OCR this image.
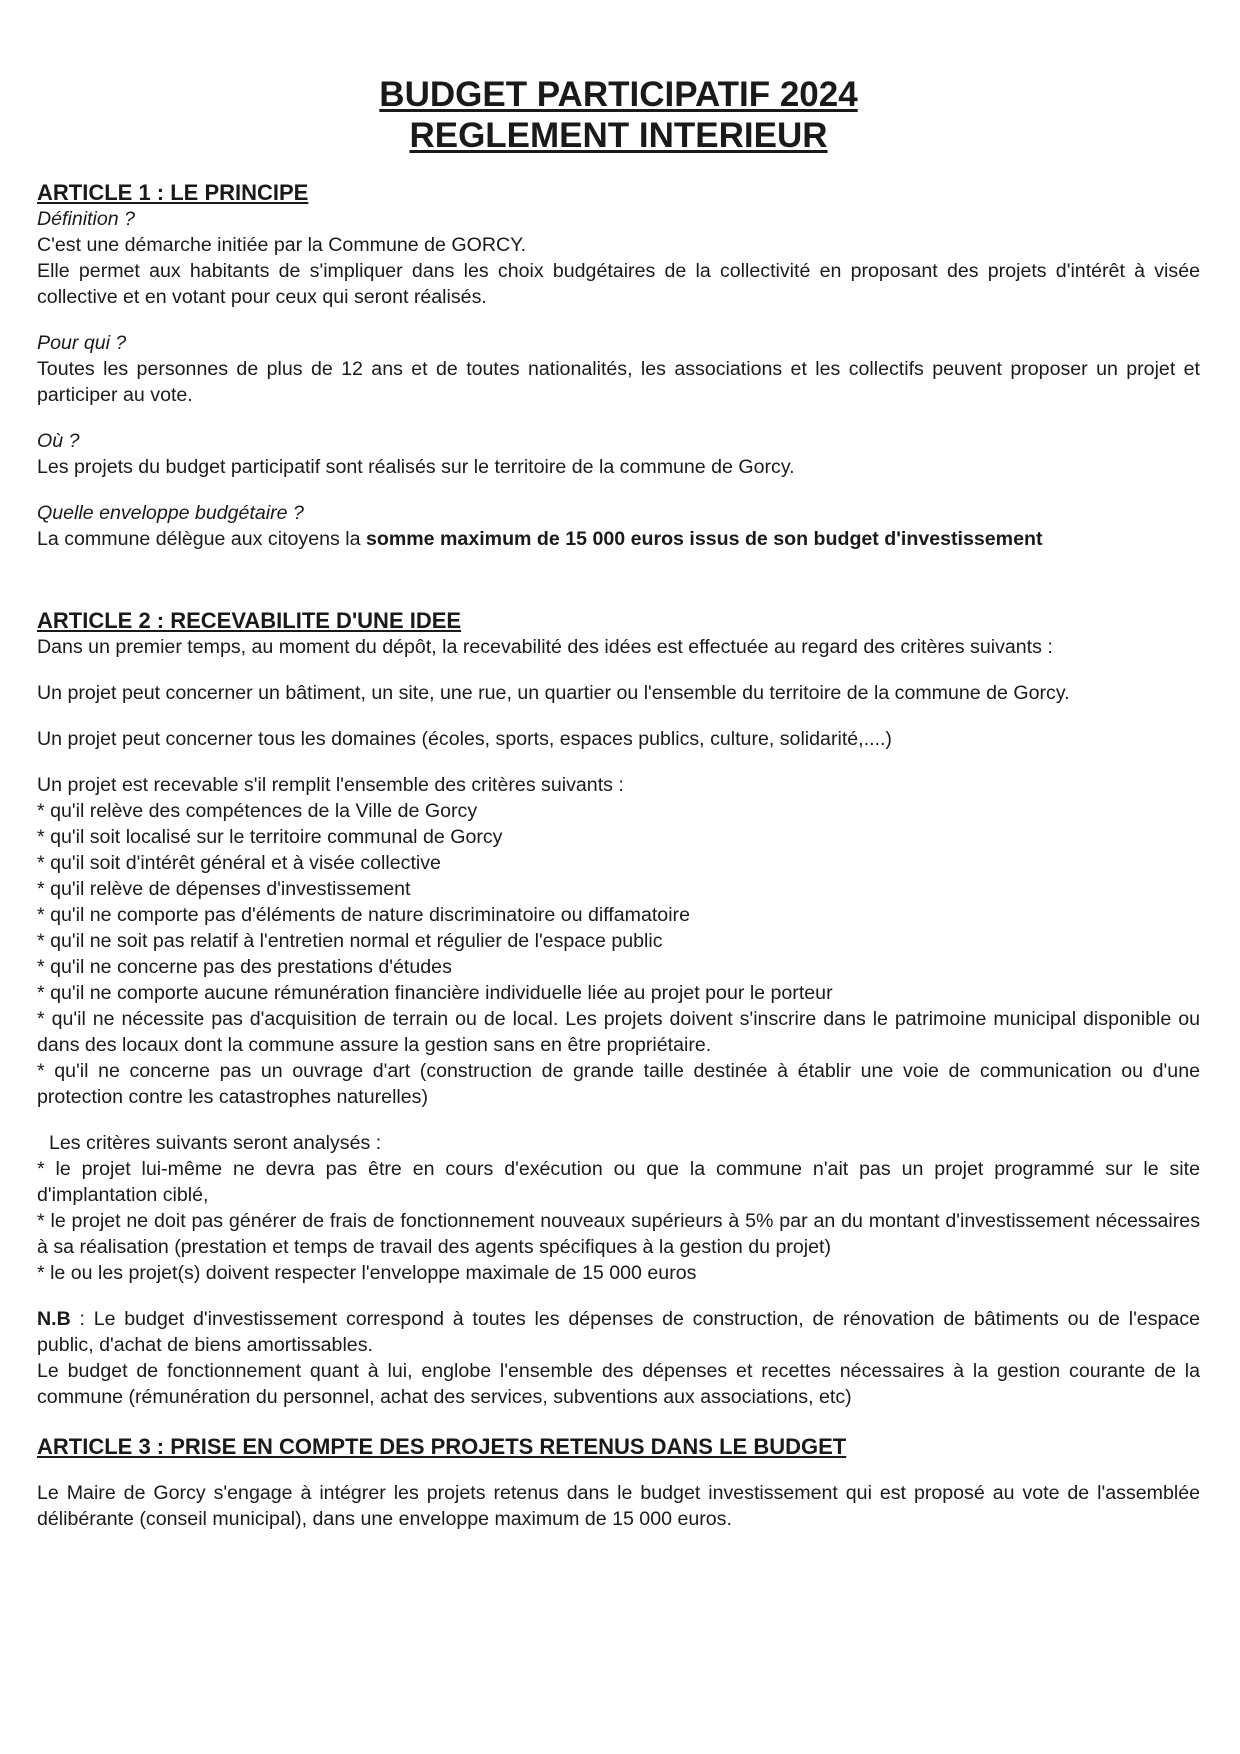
BUDGET PARTICIPATIF 2024
REGLEMENT INTERIEUR
ARTICLE 1 : LE PRINCIPE

Définition ?

C'est une démarche initiée par la Commune de GORCY.

Elle permet aux habitants de s'impliquer dans les choix budgétaires de la collectivité en proposant des projets d'intérêt à visée collective et en votant pour ceux qui seront réalisés.

Pour qui ?

Toutes les personnes de plus de 12 ans et de toutes nationalités, les associations et les collectifs peuvent proposer un projet et participer au vote.

Où ?

Les projets du budget participatif sont réalisés sur le territoire de la commune de Gorcy.

Quelle enveloppe budgétaire ?

La commune délègue aux citoyens la somme maximum de 15 000 euros issus de son budget d'investissement

ARTICLE 2 : RECEVABILITE D'UNE IDEE

Dans un premier temps, au moment du dépôt, la recevabilité des idées est effectuée au regard des critères suivants :

Un projet peut concerner un bâtiment, un site, une rue, un quartier ou l'ensemble du territoire de la commune de Gorcy.

Un projet peut concerner tous les domaines (écoles, sports, espaces publics, culture, solidarité,....)

Un projet est recevable s'il remplit l'ensemble des critères suivants :

* qu'il relève des compétences de la Ville de Gorcy

* qu'il soit localisé sur le territoire communal de Gorcy

* qu'il soit d'intérêt général et à visée collective

* qu'il relève de dépenses d'investissement

* qu'il ne comporte pas d'éléments de nature discriminatoire ou diffamatoire

* qu'il ne soit pas relatif à l'entretien normal et régulier de l'espace public

* qu'il ne concerne pas des prestations d'études

* qu'il ne comporte aucune rémunération financière individuelle liée au projet pour le porteur

* qu'il ne nécessite pas d'acquisition de terrain ou de local. Les projets doivent s'inscrire dans le patrimoine municipal disponible ou dans des locaux dont la commune assure la gestion sans en être propriétaire.

* qu'il ne concerne pas un ouvrage d'art (construction de grande taille destinée à établir une voie de communication ou d'une protection contre les catastrophes naturelles)

Les critères suivants seront analysés :

* le projet lui-même ne devra pas être en cours d'exécution ou que la commune n'ait pas un projet programmé sur le site d'implantation ciblé,

* le projet ne doit pas générer de frais de fonctionnement nouveaux supérieurs à 5% par an du montant d'investissement nécessaires à sa réalisation (prestation et temps de travail des agents spécifiques à la gestion du projet)

* le ou les projet(s) doivent respecter l'enveloppe maximale de 15 000 euros

N.B : Le budget d'investissement correspond à toutes les dépenses de construction, de rénovation de bâtiments ou de l'espace public, d'achat de biens amortissables.

Le budget de fonctionnement quant à lui, englobe l'ensemble des dépenses et recettes nécessaires à la gestion courante de la commune (rémunération du personnel, achat des services, subventions aux associations, etc)

ARTICLE 3 : PRISE EN COMPTE DES PROJETS RETENUS DANS LE BUDGET

Le Maire de Gorcy s'engage à intégrer les projets retenus dans le budget investissement qui est proposé au vote de l'assemblée délibérante (conseil municipal), dans une enveloppe maximum de 15 000 euros.
